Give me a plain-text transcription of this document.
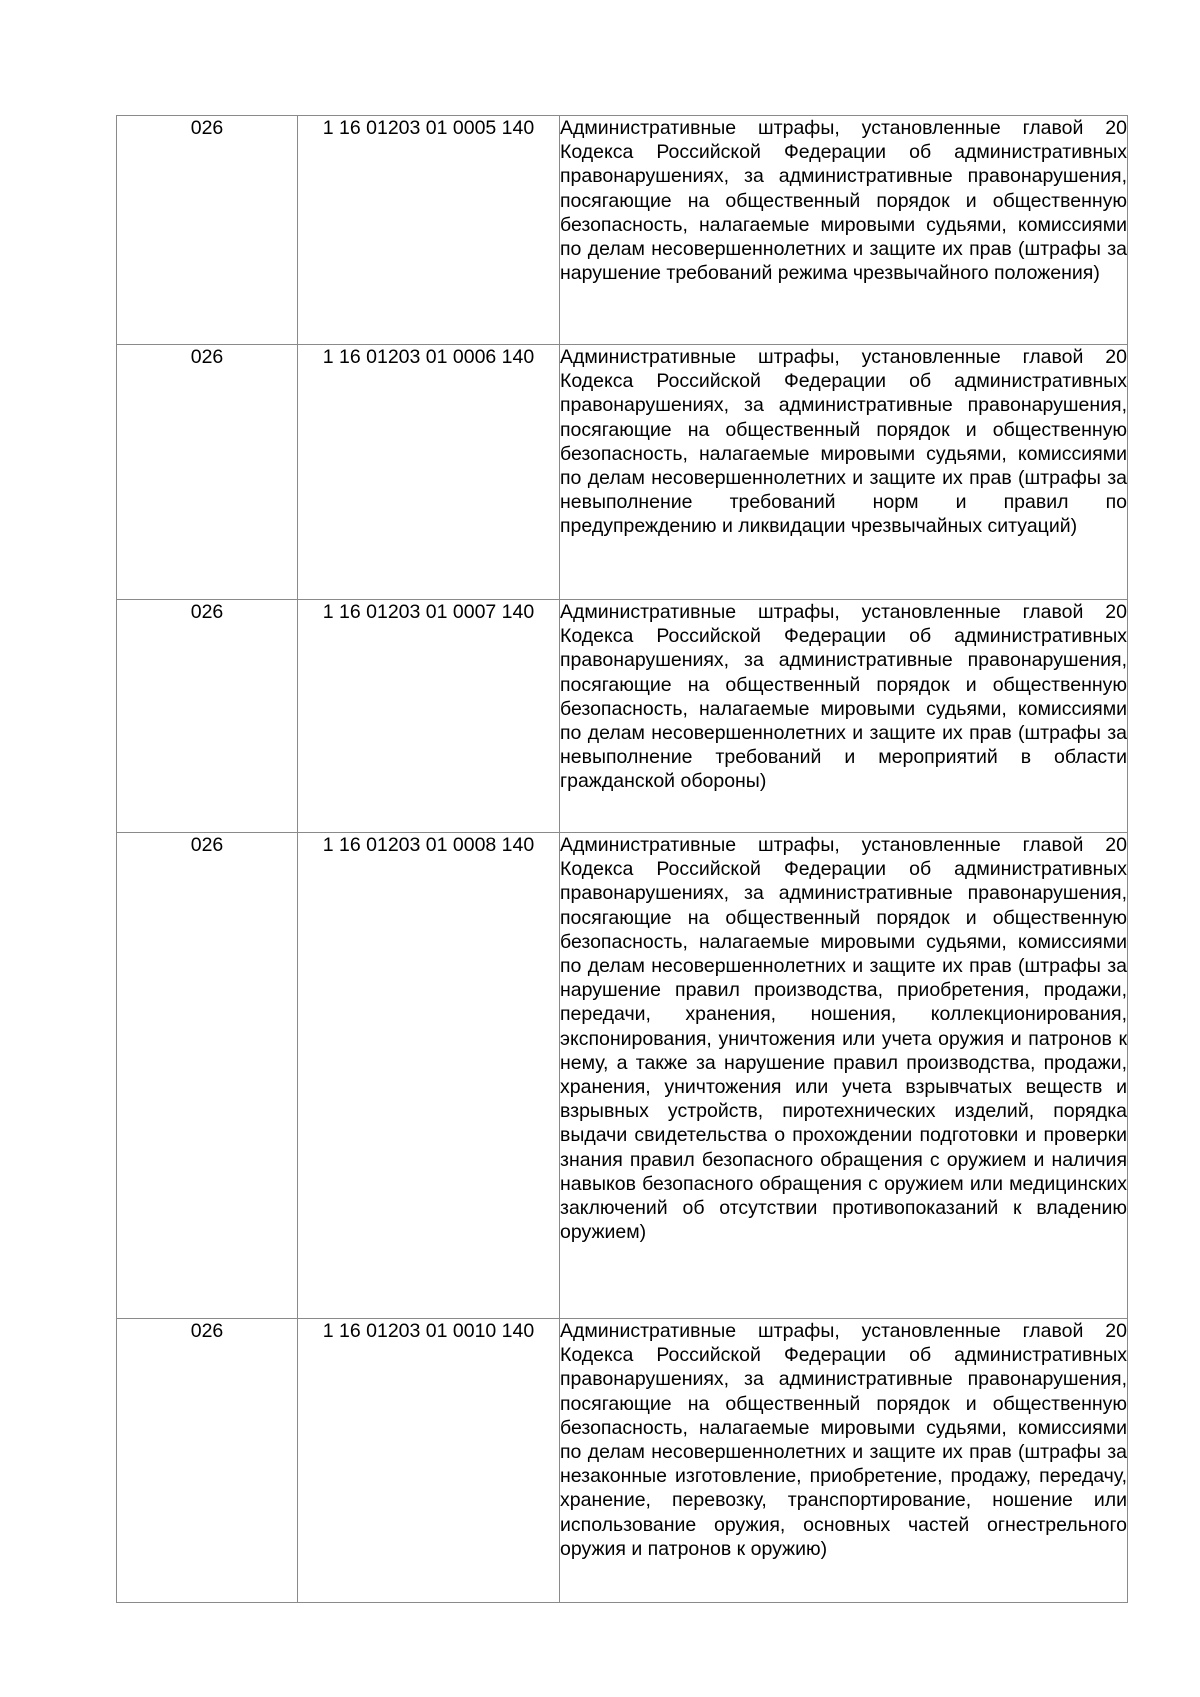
026	1 16 01203 01 0005 140	Административные штрафы, установленные главой 20 Кодекса Российской Федерации об административных правонарушениях, за административные правонарушения, посягающие на общественный порядок и общественную безопасность, налагаемые мировыми судьями, комиссиями по делам несовершеннолетних и защите их прав (штрафы за нарушение требований режима чрезвычайного положения)
026	1 16 01203 01 0006 140	Административные штрафы, установленные главой 20 Кодекса Российской Федерации об административных правонарушениях, за административные правонарушения, посягающие на общественный порядок и общественную безопасность, налагаемые мировыми судьями, комиссиями по делам несовершеннолетних и защите их прав (штрафы за невыполнение требований норм и правил по предупреждению и ликвидации чрезвычайных ситуаций)
026	1 16 01203 01 0007 140	Административные штрафы, установленные главой 20 Кодекса Российской Федерации об административных правонарушениях, за административные правонарушения, посягающие на общественный порядок и общественную безопасность, налагаемые мировыми судьями, комиссиями по делам несовершеннолетних и защите их прав (штрафы за невыполнение требований и мероприятий в области гражданской обороны)
026	1 16 01203 01 0008 140	Административные штрафы, установленные главой 20 Кодекса Российской Федерации об административных правонарушениях, за административные правонарушения, посягающие на общественный порядок и общественную безопасность, налагаемые мировыми судьями, комиссиями по делам несовершеннолетних и защите их прав (штрафы за нарушение правил производства, приобретения, продажи, передачи, хранения, ношения, коллекционирования, экспонирования, уничтожения или учета оружия и патронов к нему, а также за нарушение правил производства, продажи, хранения, уничтожения или учета взрывчатых веществ и взрывных устройств, пиротехнических изделий, порядка выдачи свидетельства о прохождении подготовки и проверки знания правил безопасного обращения с оружием и наличия навыков безопасного обращения с оружием или медицинских заключений об отсутствии противопоказаний к владению оружием)
026	1 16 01203 01 0010 140	Административные штрафы, установленные главой 20 Кодекса Российской Федерации об административных правонарушениях, за административные правонарушения, посягающие на общественный порядок и общественную безопасность, налагаемые мировыми судьями, комиссиями по делам несовершеннолетних и защите их прав (штрафы за незаконные изготовление, приобретение, продажу, передачу, хранение, перевозку, транспортирование, ношение или использование оружия, основных частей огнестрельного оружия и патронов к оружию)
